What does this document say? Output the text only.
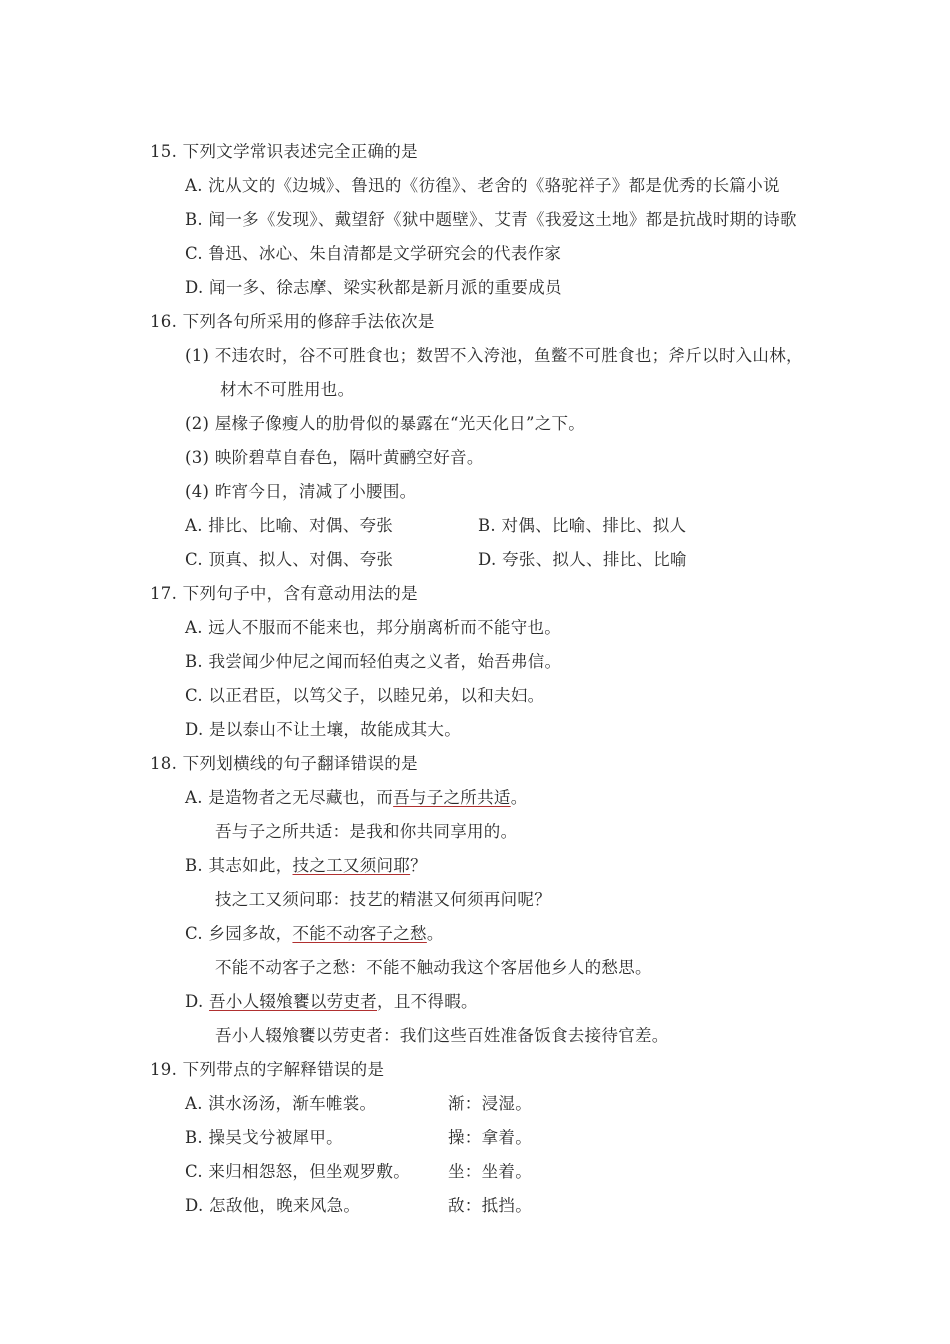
15. 下列文学常识表述完全正确的是
A. 沈从文的《边城》、鲁迅的《彷徨》、老舍的《骆驼祥子》都是优秀的长篇小说
B. 闻一多《发现》、戴望舒《狱中题壁》、艾青《我爱这土地》都是抗战时期的诗歌
C. 鲁迅、冰心、朱自清都是文学研究会的代表作家
D. 闻一多、徐志摩、梁实秋都是新月派的重要成员
16. 下列各句所采用的修辞手法依次是
(1) 不违农时，谷不可胜食也；数罟不入洿池，鱼鳖不可胜食也；斧斤以时入山林，
材木不可胜用也。
(2) 屋椽子像瘦人的肋骨似的暴露在“光天化日”之下。
(3) 映阶碧草自春色，隔叶黄鹂空好音。
(4) 昨宵今日，清减了小腰围。
A. 排比、比喻、对偶、夸张	B. 对偶、比喻、排比、拟人
C. 顶真、拟人、对偶、夸张	D. 夸张、拟人、排比、比喻
17. 下列句子中，含有意动用法的是
A. 远人不服而不能来也，邦分崩离析而不能守也。
B. 我尝闻少仲尼之闻而轻伯夷之义者，始吾弗信。
C. 以正君臣，以笃父子，以睦兄弟，以和夫妇。
D. 是以泰山不让土壤，故能成其大。
18. 下列划横线的句子翻译错误的是
A. 是造物者之无尽藏也，而吾与子之所共适。
吾与子之所共适：是我和你共同享用的。
B. 其志如此，技之工又须问耶？
技之工又须问耶：技艺的精湛又何须再问呢？
C. 乡园多故，不能不动客子之愁。
不能不动客子之愁：不能不触动我这个客居他乡人的愁思。
D. 吾小人辍飧饔以劳吏者，且不得暇。
吾小人辍飧饔以劳吏者：我们这些百姓准备饭食去接待官差。
19. 下列带点的字解释错误的是
A. 淇水汤汤，渐车帷裳。	渐：浸湿。
B. 操吴戈兮被犀甲。	操：拿着。
C. 来归相怨怒，但坐观罗敷。 坐：坐着。
D. 怎敌他，晚来风急。	敌：抵挡。
